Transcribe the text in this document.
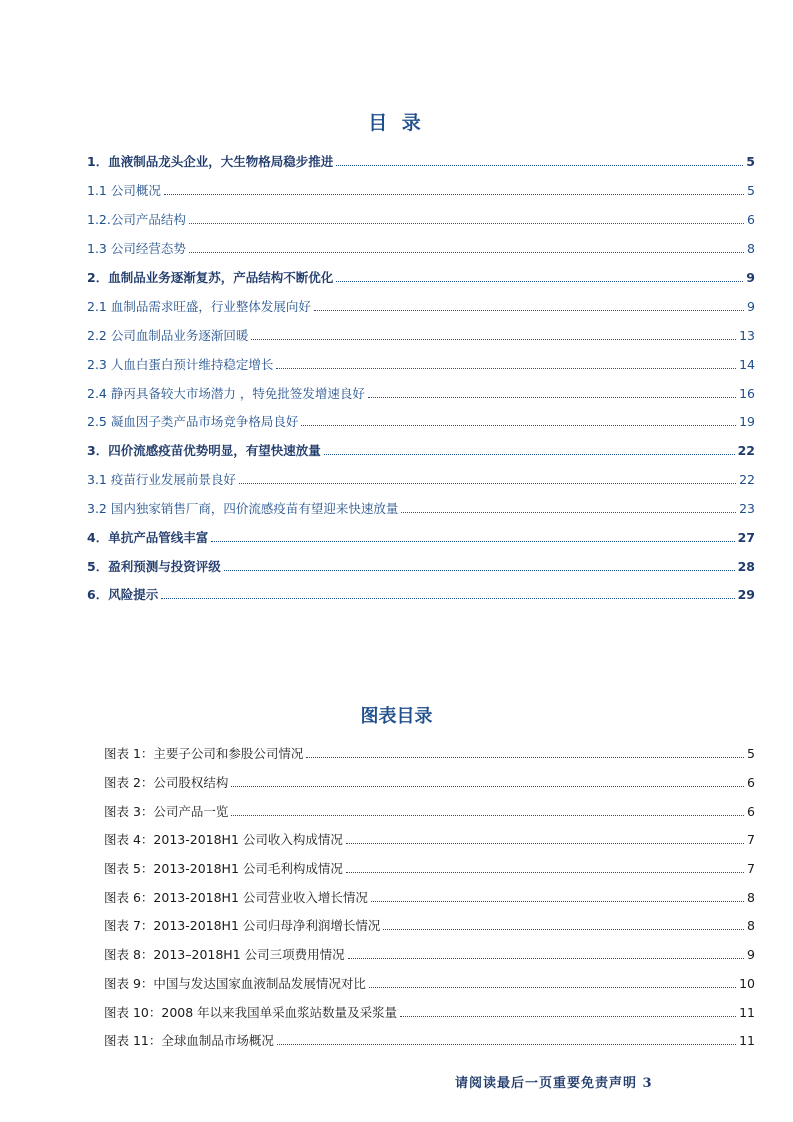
目 录
1．血液制品龙头企业，大生物格局稳步推进	5
1.1 公司概况	5
1.2.公司产品结构	6
1.3 公司经营态势	8
2．血制品业务逐渐复苏，产品结构不断优化	9
2.1 血制品需求旺盛，行业整体发展向好	9
2.2 公司血制品业务逐渐回暖	13
2.3 人血白蛋白预计维持稳定增长	14
2.4 静丙具备较大市场潜力 ，特免批签发增速良好	16
2.5 凝血因子类产品市场竞争格局良好	19
3．四价流感疫苗优势明显，有望快速放量	22
3.1 疫苗行业发展前景良好	22
3.2 国内独家销售厂商，四价流感疫苗有望迎来快速放量	23
4．单抗产品管线丰富	27
5．盈利预测与投资评级	28
6．风险提示	29
图表目录
图表 1：主要子公司和参股公司情况	5
图表 2：公司股权结构	6
图表 3：公司产品一览	6
图表 4：2013-2018H1 公司收入构成情况	7
图表 5：2013-2018H1 公司毛利构成情况	7
图表 6：2013-2018H1 公司营业收入增长情况	8
图表 7：2013-2018H1 公司归母净利润增长情况	8
图表 8：2013–2018H1 公司三项费用情况	9
图表 9：中国与发达国家血液制品发展情况对比	10
图表 10：2008 年以来我国单采血浆站数量及采浆量	11
图表 11：全球血制品市场概况	11
请阅读最后一页重要免责声明 3
